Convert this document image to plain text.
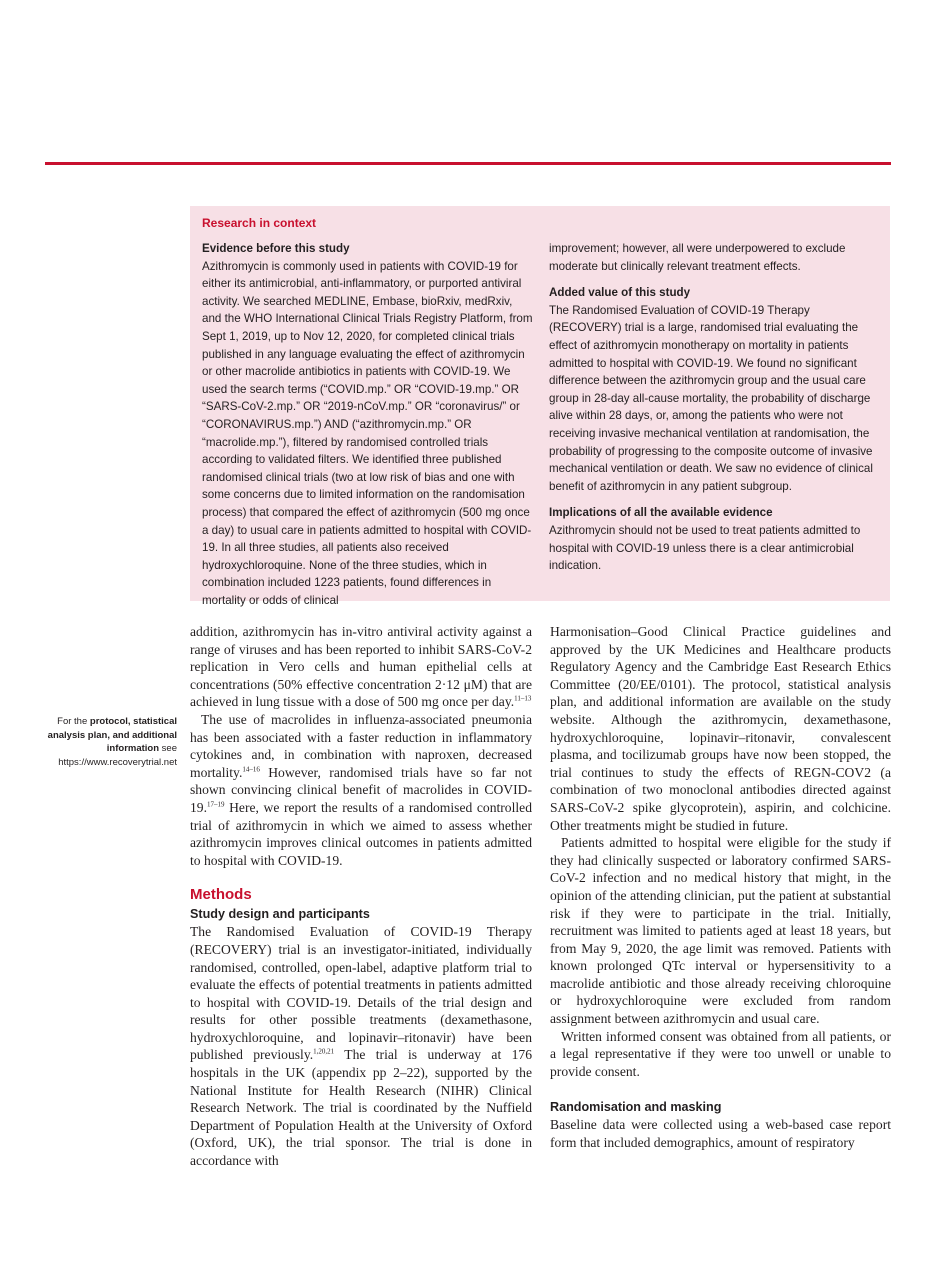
Research in context

Evidence before this study

Azithromycin is commonly used in patients with COVID-19 for either its antimicrobial, anti-inflammatory, or purported antiviral activity. We searched MEDLINE, Embase, bioRxiv, medRxiv, and the WHO International Clinical Trials Registry Platform, from Sept 1, 2019, up to Nov 12, 2020, for completed clinical trials published in any language evaluating the effect of azithromycin or other macrolide antibiotics in patients with COVID-19. We used the search terms (“COVID.mp.” OR “COVID-19.mp.” OR “SARS-CoV-2.mp.” OR “2019-nCoV.mp.” OR “coronavirus/” or “CORONAVIRUS.mp.”) AND (“azithromycin.mp.” OR “macrolide.mp.”), filtered by randomised controlled trials according to validated filters. We identified three published randomised clinical trials (two at low risk of bias and one with some concerns due to limited information on the randomisation process) that compared the effect of azithromycin (500 mg once a day) to usual care in patients admitted to hospital with COVID-19. In all three studies, all patients also received hydroxychloroquine. None of the three studies, which in combination included 1223 patients, found differences in mortality or odds of clinical

improvement; however, all were underpowered to exclude moderate but clinically relevant treatment effects.

Added value of this study

The Randomised Evaluation of COVID-19 Therapy (RECOVERY) trial is a large, randomised trial evaluating the effect of azithromycin monotherapy on mortality in patients admitted to hospital with COVID-19. We found no significant difference between the azithromycin group and the usual care group in 28-day all-cause mortality, the probability of discharge alive within 28 days, or, among the patients who were not receiving invasive mechanical ventilation at randomisation, the probability of progressing to the composite outcome of invasive mechanical ventilation or death. We saw no evidence of clinical benefit of azithromycin in any patient subgroup.

Implications of all the available evidence

Azithromycin should not be used to treat patients admitted to hospital with COVID-19 unless there is a clear antimicrobial indication.

For the protocol, statistical analysis plan, and additional information see https://www.recoverytrial.net

addition, azithromycin has in-vitro antiviral activity against a range of viruses and has been reported to inhibit SARS-CoV-2 replication in Vero cells and human epithelial cells at concentrations (50% effective concentration 2·12 μM) that are achieved in lung tissue with a dose of 500 mg once per day.$^{11-13}$

The use of macrolides in influenza-associated pneumonia has been associated with a faster reduction in inflammatory cytokines and, in combination with naproxen, decreased mortality.$^{14-16}$ However, randomised trials have so far not shown convincing clinical benefit of macrolides in COVID-19.$^{17-19}$ Here, we report the results of a randomised controlled trial of azithromycin in which we aimed to assess whether azithromycin improves clinical outcomes in patients admitted to hospital with COVID-19.

Methods
Study design and participants

The Randomised Evaluation of COVID-19 Therapy (RECOVERY) trial is an investigator-initiated, individually randomised, controlled, open-label, adaptive platform trial to evaluate the effects of potential treatments in patients admitted to hospital with COVID-19. Details of the trial design and results for other possible treatments (dexamethasone, hydroxychloroquine, and lopinavir–ritonavir) have been published previously.$^{1,20,21}$ The trial is underway at 176 hospitals in the UK (appendix pp 2–22), supported by the National Institute for Health Research (NIHR) Clinical Research Network. The trial is coordinated by the Nuffield Department of Population Health at the University of Oxford (Oxford, UK), the trial sponsor. The trial is done in accordance with

Harmonisation–Good Clinical Practice guidelines and approved by the UK Medicines and Healthcare products Regulatory Agency and the Cambridge East Research Ethics Committee (20/EE/0101). The protocol, statistical analysis plan, and additional information are available on the study website. Although the azithromycin, dexamethasone, hydroxychloroquine, lopinavir–ritonavir, convalescent plasma, and tocilizumab groups have now been stopped, the trial continues to study the effects of REGN-COV2 (a combination of two monoclonal antibodies directed against SARS-CoV-2 spike glycoprotein), aspirin, and colchicine. Other treatments might be studied in future.

Patients admitted to hospital were eligible for the study if they had clinically suspected or laboratory confirmed SARS-CoV-2 infection and no medical history that might, in the opinion of the attending clinician, put the patient at substantial risk if they were to participate in the trial. Initially, recruitment was limited to patients aged at least 18 years, but from May 9, 2020, the age limit was removed. Patients with known prolonged QTc interval or hypersensitivity to a macrolide antibiotic and those already receiving chloroquine or hydroxychloroquine were excluded from random assignment between azithromycin and usual care.

Written informed consent was obtained from all patients, or a legal representative if they were too unwell or unable to provide consent.

Randomisation and masking

Baseline data were collected using a web-based case report form that included demographics, amount of respiratory
